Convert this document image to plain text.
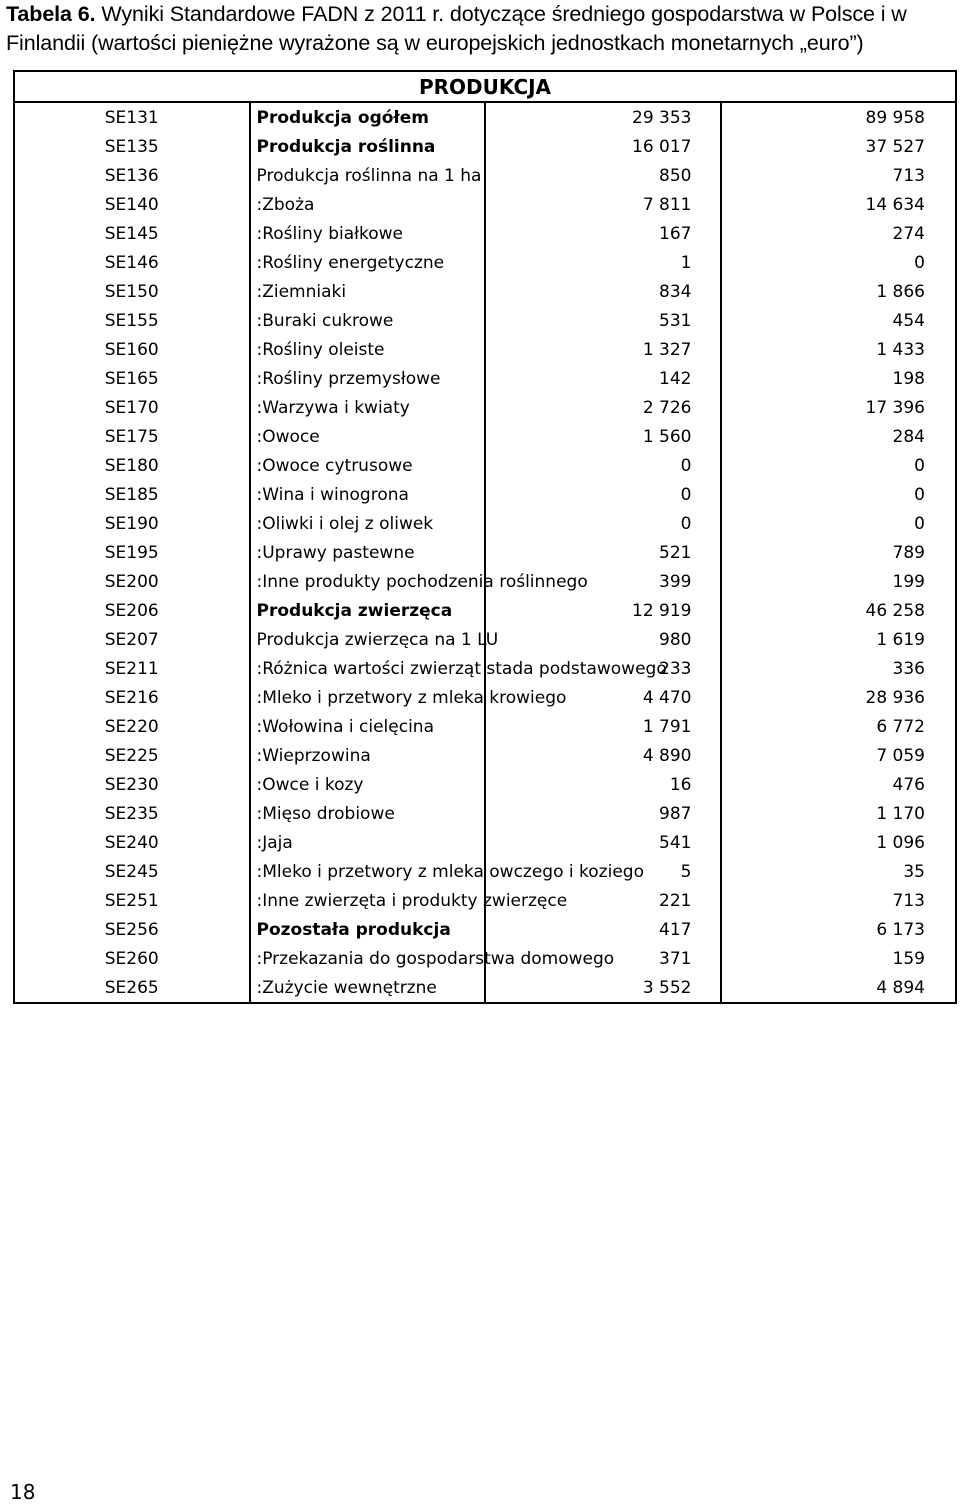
Tabela 6. Wyniki Standardowe FADN z 2011 r. dotyczące średniego gospodarstwa w Polsce i w Finlandii (wartości pieniężne wyrażone są w europejskich jednostkach monetarnych „euro”)
PRODUKCJA			
SE131	Produkcja ogółem	29 353	89 958
SE135	Produkcja roślinna	16 017	37 527
SE136	Produkcja roślinna na 1 ha	850	713
SE140	:Zboża	7 811	14 634
SE145	:Rośliny białkowe	167	274
SE146	:Rośliny energetyczne	1	0
SE150	:Ziemniaki	834	1 866
SE155	:Buraki cukrowe	531	454
SE160	:Rośliny oleiste	1 327	1 433
SE165	:Rośliny przemysłowe	142	198
SE170	:Warzywa i kwiaty	2 726	17 396
SE175	:Owoce	1 560	284
SE180	:Owoce cytrusowe	0	0
SE185	:Wina i winogrona	0	0
SE190	:Oliwki i olej z oliwek	0	0
SE195	:Uprawy pastewne	521	789
SE200	:Inne produkty pochodzenia roślinnego	399	199
SE206	Produkcja zwierzęca	12 919	46 258
SE207	Produkcja zwierzęca na 1 LU	980	1 619
SE211	:Różnica wartości zwierząt stada podstawowego	233	336
SE216	:Mleko i przetwory z mleka krowiego	4 470	28 936
SE220	:Wołowina i cielęcina	1 791	6 772
SE225	:Wieprzowina	4 890	7 059
SE230	:Owce i kozy	16	476
SE235	:Mięso drobiowe	987	1 170
SE240	:Jaja	541	1 096
SE245	:Mleko i przetwory z mleka owczego i koziego	5	35
SE251	:Inne zwierzęta i produkty zwierzęce	221	713
SE256	Pozostała produkcja	417	6 173
SE260	:Przekazania do gospodarstwa domowego	371	159
SE265	:Zużycie wewnętrzne	3 552	4 894
18
